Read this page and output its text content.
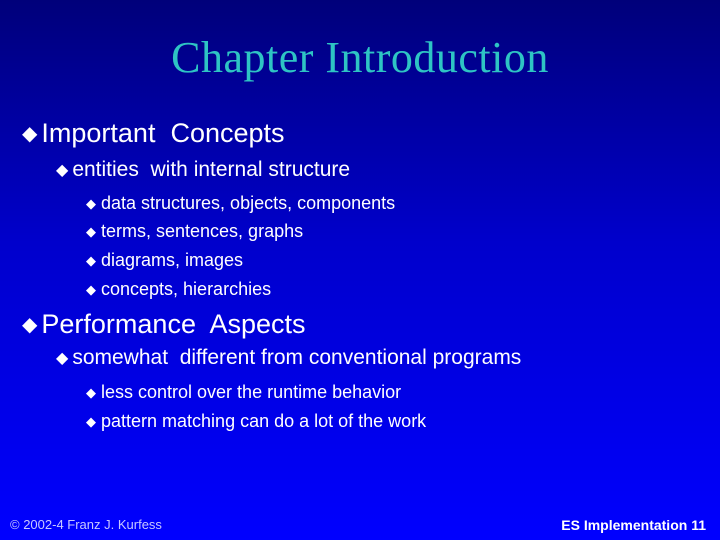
Chapter Introduction
◆ Important  Concepts
◆ entities  with internal structure
◆ data structures, objects, components
◆ terms, sentences, graphs
◆ diagrams, images
◆ concepts, hierarchies
◆ Performance  Aspects
◆ somewhat  different from conventional programs
◆ less control over the runtime behavior
◆ pattern matching can do a lot of the work
© 2002-4 Franz J. Kurfess	ES Implementation 11
